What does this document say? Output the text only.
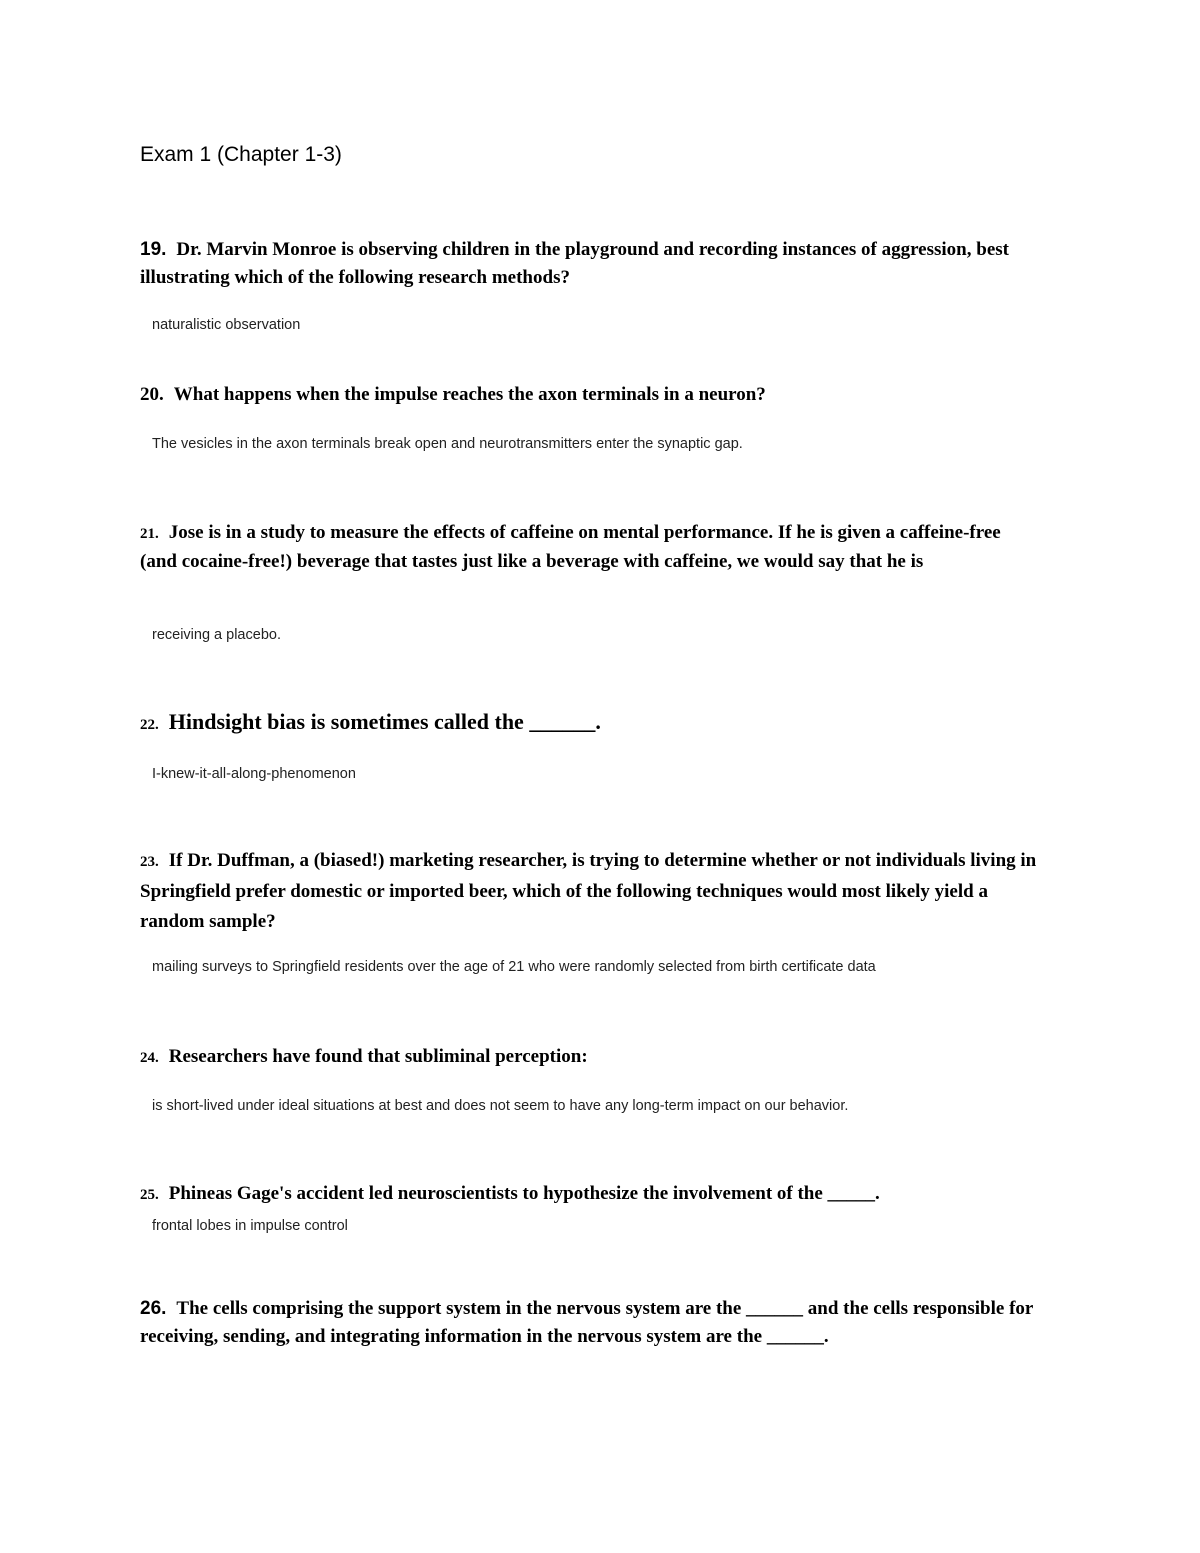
Exam 1 (Chapter 1-3)
19. Dr. Marvin Monroe is observing children in the playground and recording instances of aggression, best illustrating which of the following research methods?
naturalistic observation
20. What happens when the impulse reaches the axon terminals in a neuron?
The vesicles in the axon terminals break open and neurotransmitters enter the synaptic gap.
21. Jose is in a study to measure the effects of caffeine on mental performance. If he is given a caffeine-free (and cocaine-free!) beverage that tastes just like a beverage with caffeine, we would say that he is
receiving a placebo.
22. Hindsight bias is sometimes called the ______.
I-knew-it-all-along-phenomenon
23. If Dr. Duffman, a (biased!) marketing researcher, is trying to determine whether or not individuals living in Springfield prefer domestic or imported beer, which of the following techniques would most likely yield a random sample?
mailing surveys to Springfield residents over the age of 21 who were randomly selected from birth certificate data
24. Researchers have found that subliminal perception:
is short-lived under ideal situations at best and does not seem to have any long-term impact on our behavior.
25. Phineas Gage's accident led neuroscientists to hypothesize the involvement of the _____.
frontal lobes in impulse control
26. The cells comprising the support system in the nervous system are the ______ and the cells responsible for receiving, sending, and integrating information in the nervous system are the ______.
